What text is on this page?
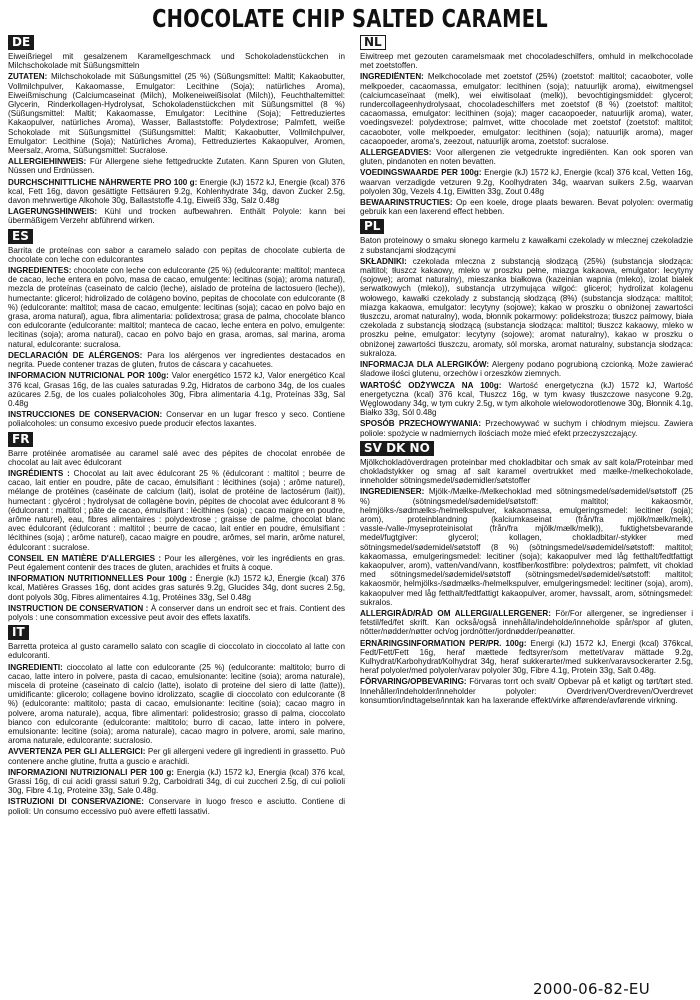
CHOCOLATE CHIP SALTED CARAMEL
DE

Eiweißriegel mit gesalzenem Karamellgeschmack und Schokoladenstückchen in Milchschokolade mit Süßungsmitteln

ZUTATEN: Milchschokolade mit Süßungsmittel (25 %) (Süßungsmittel: Maltit; Kakaobutter, Vollmilchpulver, Kakaomasse, Emulgator: Lecithine (Soja); natürliches Aroma), Eiweißmischung (Calciumcaseinat (Milch), Molkeneiweißisolat (Milch)), Feuchthaltemittel: Glycerin, Rinderkollagen-Hydrolysat, Schokoladenstückchen mit Süßungsmittel (8 %) (Süßungsmittel: Maltit; Kakaomasse, Emulgator: Lecithine (Soja); Fettreduziertes Kakaopulver, natürliches Aroma), Wasser, Ballaststoffe: Polydextrose; Palmfett, weiße Schokolade mit Süßungsmittel (Süßungsmittel: Maltit; Kakaobutter, Vollmilchpulver, Emulgator: Lecithine (Soja); Natürliches Aroma), Fettreduziertes Kakaopulver, Aromen, Meersalz, Aroma, Süßungsmittel: Sucralose.

ALLERGIEHINWEIS: Für Allergene siehe fettgedruckte Zutaten. Kann Spuren von Gluten, Nüssen und Erdnüssen.

DURCHSCHNITTLICHE NÄHRWERTE PRO 100 g: Energie (kJ) 1572 kJ, Energie (kcal) 376 kcal, Fett 16g, davon gesättigte Fettsäuren 9.2g, Kohlenhydrate 34g, davon Zucker 2.5g, davon mehrwertige Alkohole 30g, Ballaststoffe 4.1g, Eiweiß 33g, Salz 0.48g

LAGERUNGSHINWEIS: Kühl und trocken aufbewahren. Enthält Polyole: kann bei übermäßigem Verzehr abführend wirken.

ES

Barrita de proteínas con sabor a caramelo salado con pepitas de chocolate cubierta de chocolate con leche con edulcorantes

INGREDIENTES: chocolate con leche con edulcorante (25 %) (edulcorante: maltitol; manteca de cacao, leche entera en polvo, masa de cacao, emulgente: lecitinas (soja); aroma natural), mezcla de proteínas (caseinato de calcio (leche), aislado de proteína de lactosuero (leche)), humectante: glicerol; hidrolizado de colágeno bovino, pepitas de chocolate con edulcorante (8 %) (edulcorante: maltitol; masa de cacao, emulgente: lecitinas (soja); cacao en polvo bajo en grasa, aroma natural), agua, fibra alimentaria: polidextrosa; grasa de palma, chocolate blanco con edulcorante (edulcorante: maltitol; manteca de cacao, leche entera en polvo, emulgente: lecitinas (soja); aroma natural), cacao en polvo bajo en grasa, aromas, sal marina, aroma natural, edulcorante: sucralosa.

DECLARACIÓN DE ALÉRGENOS: Para los alérgenos ver ingredientes destacados en negrita. Puede contener trazas de gluten, frutos de cáscara y cacahuetes.

INFORMACION NUTRICIONAL POR 100g: Valor energético 1572 kJ, Valor energético Kcal 376 kcal, Grasas 16g, de las cuales saturadas 9.2g, Hidratos de carbono 34g, de los cuales azúcares 2.5g, de los cuales polialcoholes 30g, Fibra alimentaria 4.1g, Proteínas 33g, Sal 0.48g

INSTRUCCIONES DE CONSERVACION: Conservar en un lugar fresco y seco. Contiene polialcoholes: un consumo excesivo puede producir efectos laxantes.

FR

Barre protéinée aromatisée au caramel salé avec des pépites de chocolat enrobée de chocolat au lait avec édulcorant

INGRÉDIENTS : Chocolat au lait avec édulcorant 25 % (édulcorant : maltitol ; beurre de cacao, lait entier en poudre, pâte de cacao, émulsifiant : lécithines (soja) ; arôme naturel), mélange de protéines (caséinate de calcium (lait), isolat de protéine de lactosérum (lait)), humectant : glycérol ; hydrolysat de collagène bovin, pépites de chocolat avec édulcorant 8 % (édulcorant : maltitol ; pâte de cacao, émulsifiant : lécithines (soja) ; cacao maigre en poudre, arôme naturel), eau, fibres alimentaires : polydextrose ; graisse de palme, chocolat blanc avec édulcorant (édulcorant : maltitol ; beurre de cacao, lait entier en poudre, émulsifiant : lécithines (soja) ; arôme naturel), cacao maigre en poudre, arômes, sel marin, arôme naturel, édulcorant : sucralose.

CONSEIL EN MATIÈRE D'ALLERGIES : Pour les allergènes, voir les ingrédients en gras. Peut également contenir des traces de gluten, arachides et fruits à coque.

INFORMATION NUTRITIONNELLES Pour 100g : Énergie (kJ) 1572 kJ, Énergie (kcal) 376 kcal, Matières Grasses 16g, dont acides gras saturés 9.2g, Glucides 34g, dont sucres 2.5g, dont polyols 30g, Fibres alimentaires 4.1g, Protéines 33g, Sel 0.48g

INSTRUCTION DE CONSERVATION : À conserver dans un endroit sec et frais. Contient des polyols : une consommation excessive peut avoir des effets laxatifs.

IT

Barretta proteica al gusto caramello salato con scaglie di cioccolato in cioccolato al latte con edulcoranti.

INGREDIENTI: cioccolato al latte con edulcorante (25 %) (edulcorante: maltitolo; burro di cacao, latte intero in polvere, pasta di cacao, emulsionante: lecitine (soia); aroma naturale), miscela di proteine (caseinato di calcio (latte), isolato di proteine del siero di latte (latte)), umidificante: glicerolo; collagene bovino idrolizzato, scaglie di cioccolato con edulcorante (8 %) (edulcorante: maltitolo; pasta di cacao, emulsionante: lecitine (soia); cacao magro in polvere, aroma naturale), acqua, fibre alimentari: polidestrosio; grasso di palma, cioccolato bianco con edulcorante (edulcorante: maltitolo; burro di cacao, latte intero in polvere, emulsionante: lecitine (soia); aroma naturale), cacao magro in polvere, aromi, sale marino, aroma naturale, edulcorante: sucralosio.

AVVERTENZA PER GLI ALLERGICI: Per gli allergeni vedere gli ingredienti in grassetto. Può contenere anche glutine, frutta a guscio e arachidi.

INFORMAZIONI NUTRIZIONALI PER 100 g: Energia (kJ) 1572 kJ, Energia (kcal) 376 kcal, Grassi 16g, di cui acidi grassi saturi 9.2g, Carboidrati 34g, di cui zuccheri 2.5g, di cui polioli 30g, Fibre 4.1g, Proteine 33g, Sale 0.48g.

ISTRUZIONI DI CONSERVAZIONE: Conservare in luogo fresco e asciutto. Contiene di polioli: Un consumo eccessivo può avere effetti lassativi.

NL

Eiwitreep met gezouten caramelsmaak met chocoladeschilfers, omhuld in melkchocolade met zoetstoffen.

INGREDIËNTEN: Melkchocolade met zoetstof (25%) (zoetstof: maltitol; cacaoboter, volle melkpoeder, cacaomassa, emulgator: lecithinen (soja); natuurlijk aroma), eiwitmengsel (calciumcaseïnaat (melk), wei eiwitisolaat (melk)), bevochtigingsmiddel: glycerol; rundercollageenhydrolysaat, chocoladeschilfers met zoetstof (8 %) (zoetstof: maltitol; cacaomassa, emulgator: lecithinen (soja); mager cacaopoeder, natuurlijk aroma), water, voedingsvezel: polydextrose; palmvet, witte chocolade met zoetstof (zoetstof: maltitol; cacaoboter, volle melkpoeder, emulgator: lecithinen (soja); natuurlijk aroma), mager cacaopoeder, aroma's, zeezout, natuurlijk aroma, zoetstof: sucralose.

ALLERGEADVIES: Voor allergenen zie vetgedrukte ingrediënten. Kan ook sporen van gluten, pindanoten en noten bevatten.

VOEDINGSWAARDE PER 100g: Energie (kJ) 1572 kJ, Energie (kcal) 376 kcal, Vetten 16g, waarvan verzadigde vetzuren 9.2g, Koolhydraten 34g, waarvan suikers 2.5g, waarvan polyolen 30g, Vezels 4.1g, Eiwitten 33g, Zout 0.48g

BEWAARINSTRUCTIES: Op een koele, droge plaats bewaren. Bevat polyolen: overmatig gebruik kan een laxerend effect hebben.

PL

Baton proteinowy o smaku słonego karmelu z kawałkami czekolady w mlecznej czekoladzie z substancjami słodzącymi

SKŁADNIKI: czekolada mleczna z substancją słodzącą (25%) (substancja słodząca: maltitol; tłuszcz kakaowy, mleko w proszku pełne, miazga kakaowa, emulgator: lecytyny (sojowe); aromat naturalny), mieszanka białkowa (kazeinian wapnia (mleko), izolat białek serwatkowych (mleko)), substancja utrzymująca wilgoć: glicerol; hydrolizat kolagenu wołowego, kawałki czekolady z substancją słodzącą (8%) (substancja słodząca: maltitol; miazga kakaowa, emulgator: lecytyny (sojowe); kakao w proszku o obniżonej zawartości tłuszczu, aromat naturalny), woda, błonnik pokarmowy: polidekstroza; tłuszcz palmowy, biała czekolada z substancją słodzącą (substancja słodząca: maltitol; tłuszcz kakaowy, mleko w proszku pełne, emulgator: lecytyny (sojowe); aromat naturalny), kakao w proszku o obniżonej zawartości tłuszczu, aromaty, sól morska, aromat naturalny, substancja słodząca: sukraloza.

INFORMACJA DLA ALERGIKÓW: Alergeny podano pogrubioną czcionką. Może zawierać śladowe ilości glutenu, orzechów i orzeszków ziemnych.

WARTOŚĆ ODŻYWCZA NA 100g: Wartość energetyczna (kJ) 1572 kJ, Wartość energetyczna (kcal) 376 kcal, Tłuszcz 16g, w tym kwasy tłuszczowe nasycone 9.2g, Węglowodany 34g, w tym cukry 2.5g, w tym alkohole wielowodorotlenowe 30g, Błonnik 4.1g, Białko 33g, Sól 0.48g

SPOSÓB PRZECHOWYWANIA: Przechowywać w suchym i chłodnym miejscu. Zawiera poliole: spożycie w nadmiernych ilościach może mieć efekt przeczyszczający.

SV DK NO

Mjölkchokladöverdragen proteinbar med chokladbitar och smak av salt kola/Proteinbar med chokladstykker og smag af salt karamel overtrukket med mælke-/melkechokolade, inneholder sötningsmedel/sødemidler/søtstoffer

INGREDIENSER: Mjölk-/Mælke-/Melkechoklad med sötningsmedel/sødemidel/søtstoff (25 %) (sötningsmedel/sødemidel/søtstoff: maltitol; kakaosmör, helmjölks-/sødmælks-/helmelkspulver, kakaomassa, emulgeringsmedel: lecitiner (soja); arom), proteinblandning (kalciumkaseinat (från/fra mjölk/mælk/melk), vassle-/valle-/myseproteinisolat (från/fra mjölk/mælk/melk)), fuktighetsbevarande medel/fugtgiver: glycerol; kollagen, chokladbitar/-stykker med sötningsmedel/sødemidel/søtstoff (8 %) (sötningsmedel/sødemidel/søtstoff: maltitol; kakaomassa, emulgeringsmedel: lecitiner (soja); kakaopulver med låg fetthalt/fedtfattigt kakaopulver, arom), vatten/vand/vann, kostfiber/kostfibre: polydextros; palmfett, vit choklad med sötningsmedel/sødemidel/søtstoff (sötningsmedel/sødemidel/søtstoff: maltitol; kakaosmör, helmjölks-/sødmælks-/helmelkspulver, emulgeringsmedel: lecitiner (soja), arom), kakaopulver med låg fetthalt/fedtfattigt kakaopulver, aromer, havssalt, arom, sötningsmedel: sukralos.

ALLERGIRÅD/RÅD OM ALLERGI/ALLERGENER: För/For allergener, se ingredienser i fetstil/fed/fet skrift. Kan också/også innehålla/indeholde/inneholde spår/spor af gluten, nötter/nødder/nøtter och/og jordnötter/jordnødder/peanøtter.

ERNÄRINGSINFORMATION PER/PR. 100g: Energi (kJ) 1572 kJ, Energi (kcal) 376kcal, Fedt/Fett/Fett 16g, heraf mættede fedtsyrer/som mettet/varav mättade 9.2g, Kulhydrat/Karbohydrat/Kolhydrat 34g, heraf sukkerarter/med sukker/varavsockerarter 2.5g, heraf polyoler/med polyoler/varav polyoler 30g, Fibre 4.1g, Protein 33g, Salt 0.48g.

FÖRVARING/OPBEVARING: Förvaras torrt och svalt/ Opbevar på et køligt og tørt/tørt sted. Innehåller/indeholder/inneholder polyoler: Overdriven/Overdreven/Overdrevet konsumtion/indtagelse/inntak kan ha laxerande effekt/virke afførende/avførende virkning.

2000-06-82-EU
